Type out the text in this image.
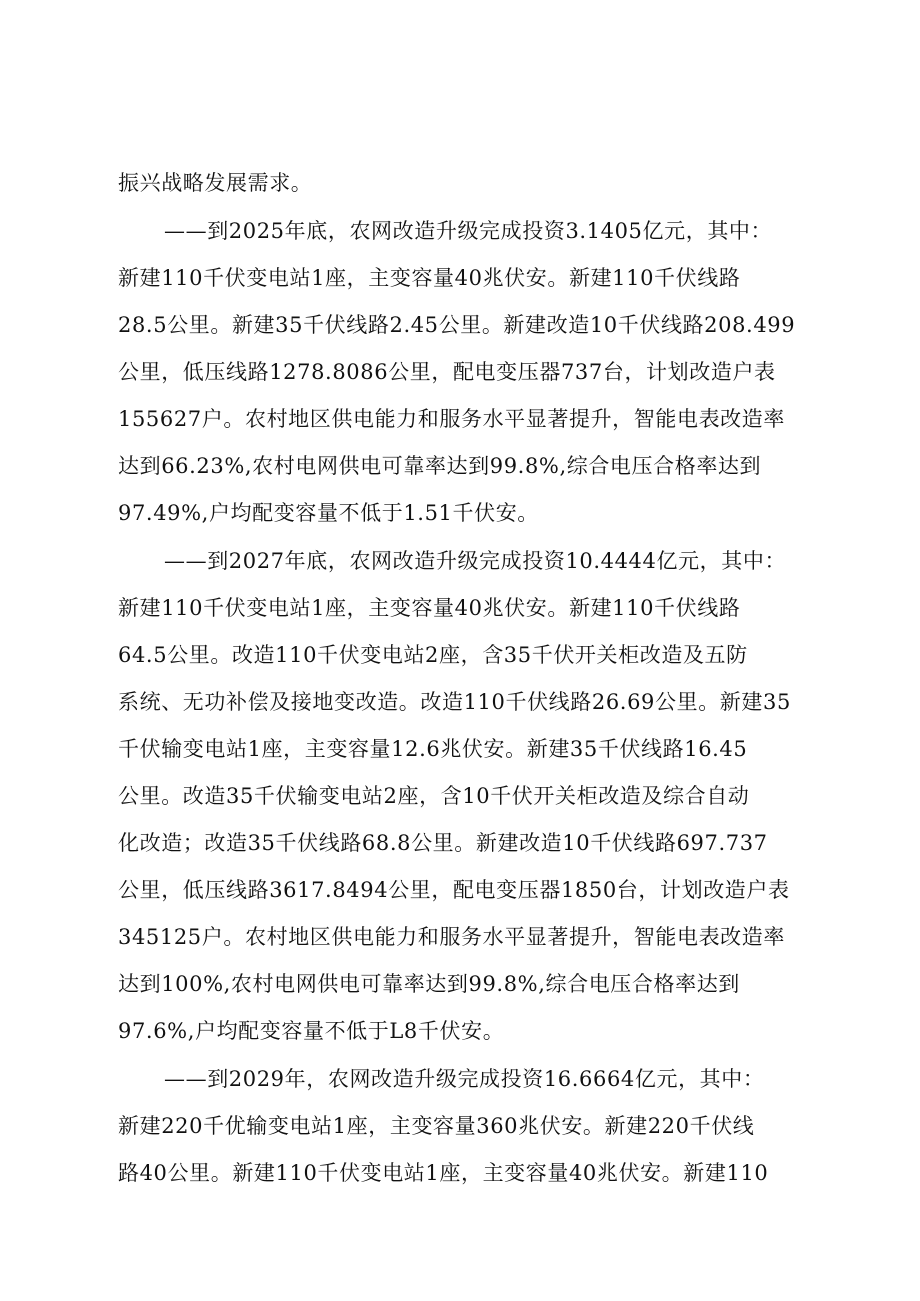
振兴战略发展需求。

——到2025年底，农网改造升级完成投资3.1405亿元，其中：

新建110千伏变电站1座，主变容量40兆伏安。新建110千伏线路

28.5公里。新建35千伏线路2.45公里。新建改造10千伏线路208.499

公里，低压线路1278.8086公里，配电变压器737台，计划改造户表

155627户。农村地区供电能力和服务水平显著提升，智能电表改造率

达到66.23%,农村电网供电可靠率达到99.8%,综合电压合格率达到

97.49%,户均配变容量不低于1.51千伏安。

——到2027年底，农网改造升级完成投资10.4444亿元，其中：

新建110千伏变电站1座，主变容量40兆伏安。新建110千伏线路

64.5公里。改造110千伏变电站2座，含35千伏开关柜改造及五防

系统、无功补偿及接地变改造。改造110千伏线路26.69公里。新建35

千伏输变电站1座，主变容量12.6兆伏安。新建35千伏线路16.45

公里。改造35千伏输变电站2座，含10千伏开关柜改造及综合自动

化改造；改造35千伏线路68.8公里。新建改造10千伏线路697.737

公里，低压线路3617.8494公里，配电变压器1850台，计划改造户表

345125户。农村地区供电能力和服务水平显著提升，智能电表改造率

达到100%,农村电网供电可靠率达到99.8%,综合电压合格率达到

97.6%,户均配变容量不低于L8千伏安。

——到2029年，农网改造升级完成投资16.6664亿元，其中：

新建220千优输变电站1座，主变容量360兆伏安。新建220千伏线

路40公里。新建110千伏变电站1座，主变容量40兆伏安。新建110
